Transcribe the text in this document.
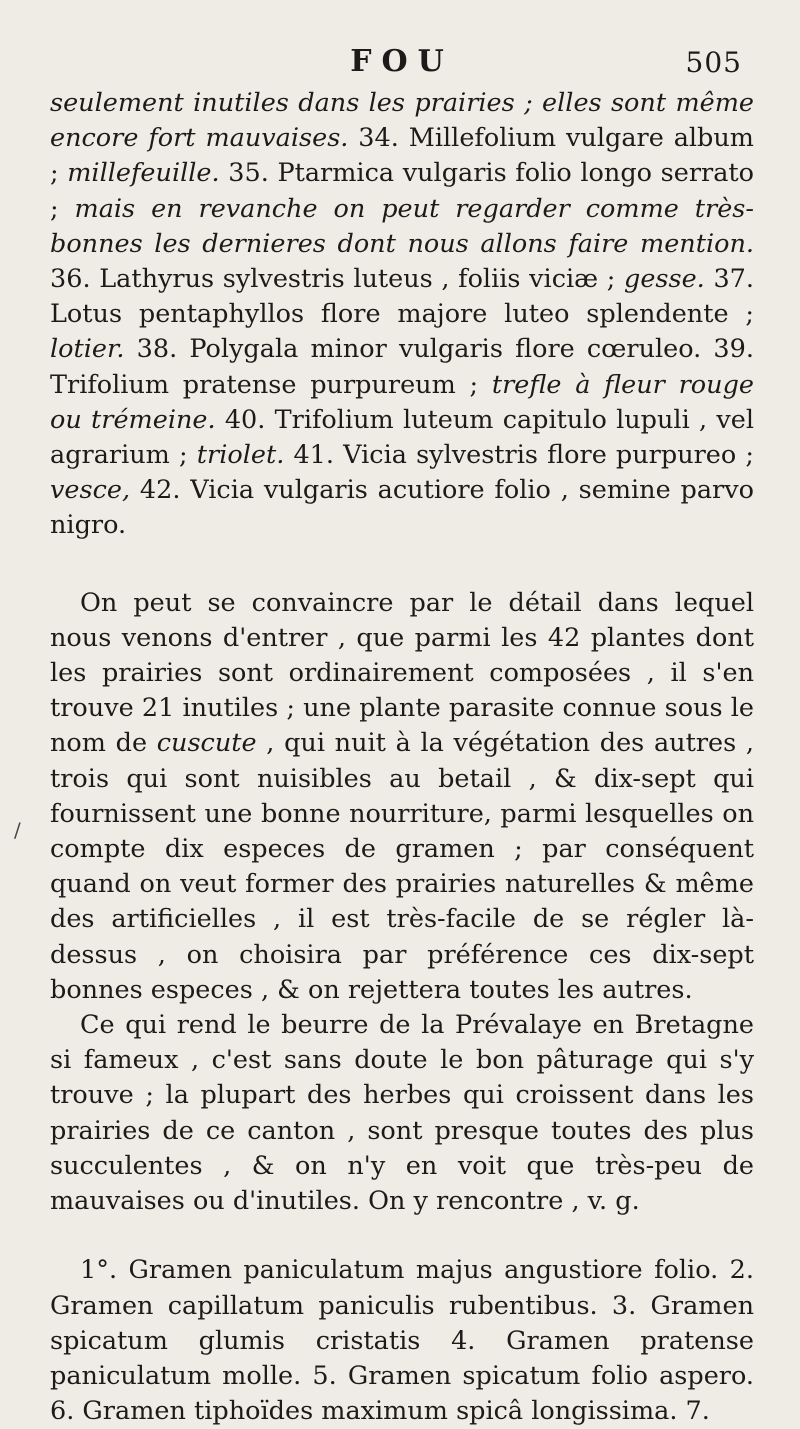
FOU	505
/

seulement inutiles dans les prairies ; elles sont même encore fort mauvaises. 34. Millefolium vulgare album ; millefeuille. 35. Ptarmica vulgaris folio longo serrato ; mais en revanche on peut regarder comme très-bonnes les dernieres dont nous allons faire mention. 36. Lathyrus sylvestris luteus , foliis viciæ ; gesse. 37. Lotus pentaphyllos flore majore luteo splendente ; lotier. 38. Polygala minor vulgaris flore cœruleo. 39. Trifolium pratense purpureum ; trefle à fleur rouge ou trémeine. 40. Trifolium luteum capitulo lupuli , vel agrarium ; triolet. 41. Vicia sylvestris flore purpureo ; vesce, 42. Vicia vulgaris acutiore folio , semine parvo nigro.

On peut se convaincre par le détail dans lequel nous venons d'entrer , que parmi les 42 plantes dont les prairies sont ordinairement composées , il s'en trouve 21 inutiles ; une plante parasite connue sous le nom de cuscute , qui nuit à la végétation des autres , trois qui sont nuisibles au betail , & dix-sept qui fournissent une bonne nourriture, parmi lesquelles on compte dix especes de gramen ; par conséquent quand on veut former des prairies naturelles & même des artificielles , il est très-facile de se régler là-dessus , on choisira par préférence ces dix-sept bonnes especes , & on rejettera toutes les autres.

Ce qui rend le beurre de la Prévalaye en Bretagne si fameux , c'est sans doute le bon pâturage qui s'y trouve ; la plupart des herbes qui croissent dans les prairies de ce canton , sont presque toutes des plus succulentes , & on n'y en voit que très-peu de mauvaises ou d'inutiles. On y rencontre , v. g.

1°. Gramen paniculatum majus angustiore folio. 2. Gramen capillatum paniculis rubentibus. 3. Gramen spicatum glumis cristatis 4. Gramen pratense paniculatum molle. 5. Gramen spicatum folio aspero. 6. Gramen tiphoïdes maximum spicâ longissima. 7.
